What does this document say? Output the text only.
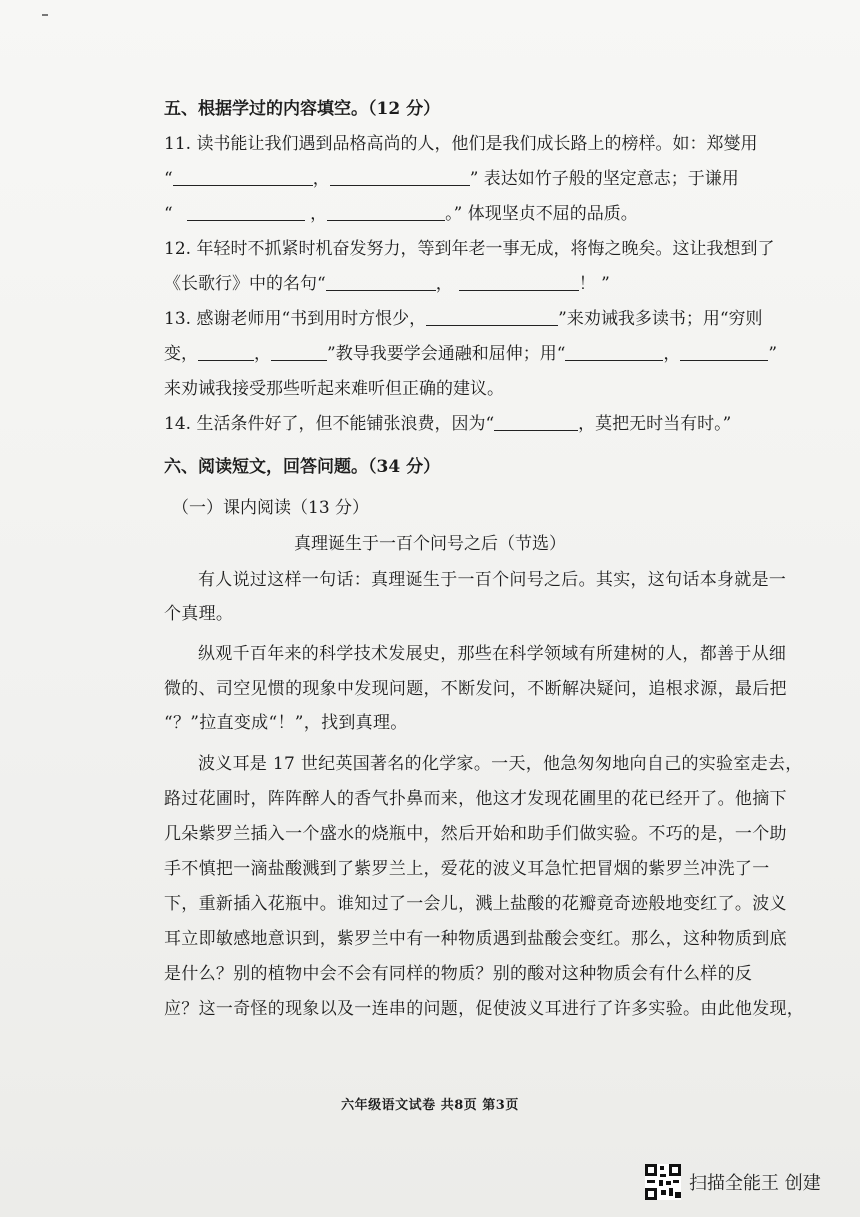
五、根据学过的内容填空。（12 分）
11. 读书能让我们遇到品格高尚的人，他们是我们成长路上的榜样。如：郑燮用
“	，	” 表达如竹子般的坚定意志；于谦用
“	，	。” 体现坚贞不屈的品质。
12. 年轻时不抓紧时机奋发努力，等到年老一事无成，将悔之晚矣。这让我想到了
《长歌行》中的名句“	，	！ ”
13. 感谢老师用“书到用时方恨少，	”来劝诫我多读书；用“穷则
变，	，	”教导我要学会通融和屈伸；用“	，	”
来劝诫我接受那些听起来难听但正确的建议。
14. 生活条件好了，但不能铺张浪费，因为“	，莫把无时当有时。”
六、阅读短文，回答问题。（34 分）
（一）课内阅读（13 分）
真理诞生于一百个问号之后（节选）
有人说过这样一句话：真理诞生于一百个问号之后。其实，这句话本身就是一
个真理。
纵观千百年来的科学技术发展史，那些在科学领域有所建树的人，都善于从细
微的、司空见惯的现象中发现问题，不断发问，不断解决疑问，追根求源，最后把
“？”拉直变成“！”，找到真理。
波义耳是 17 世纪英国著名的化学家。一天，他急匆匆地向自己的实验室走去，
路过花圃时，阵阵醉人的香气扑鼻而来，他这才发现花圃里的花已经开了。他摘下
几朵紫罗兰插入一个盛水的烧瓶中，然后开始和助手们做实验。不巧的是，一个助
手不慎把一滴盐酸溅到了紫罗兰上，爱花的波义耳急忙把冒烟的紫罗兰冲洗了一
下，重新插入花瓶中。谁知过了一会儿，溅上盐酸的花瓣竟奇迹般地变红了。波义
耳立即敏感地意识到，紫罗兰中有一种物质遇到盐酸会变红。那么，这种物质到底
是什么？别的植物中会不会有同样的物质？别的酸对这种物质会有什么样的反
应？这一奇怪的现象以及一连串的问题，促使波义耳进行了许多实验。由此他发现，
六年级语文试卷 共8页 第3页
扫描全能王 创建
